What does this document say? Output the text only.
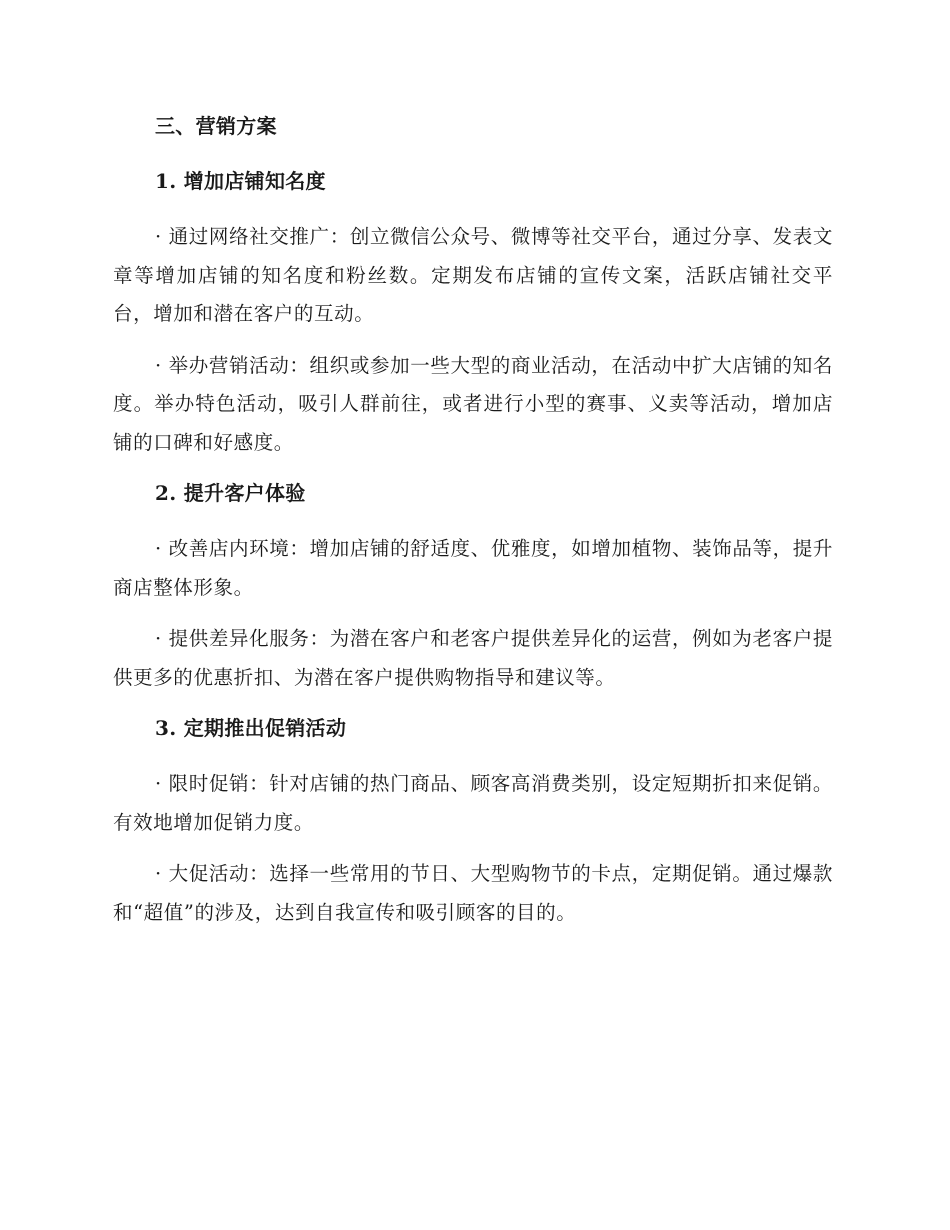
三、营销方案
1. 增加店铺知名度

· 通过网络社交推广：创立微信公众号、微博等社交平台，通过分享、发表文章等增加店铺的知名度和粉丝数。定期发布店铺的宣传文案，活跃店铺社交平台，增加和潜在客户的互动。

· 举办营销活动：组织或参加一些大型的商业活动，在活动中扩大店铺的知名度。举办特色活动，吸引人群前往，或者进行小型的赛事、义卖等活动，增加店铺的口碑和好感度。

2. 提升客户体验

· 改善店内环境：增加店铺的舒适度、优雅度，如增加植物、装饰品等，提升商店整体形象。

· 提供差异化服务：为潜在客户和老客户提供差异化的运营，例如为老客户提供更多的优惠折扣、为潜在客户提供购物指导和建议等。

3. 定期推出促销活动

· 限时促销：针对店铺的热门商品、顾客高消费类别，设定短期折扣来促销。有效地增加促销力度。

· 大促活动：选择一些常用的节日、大型购物节的卡点，定期促销。通过爆款和“超值”的涉及，达到自我宣传和吸引顾客的目的。
